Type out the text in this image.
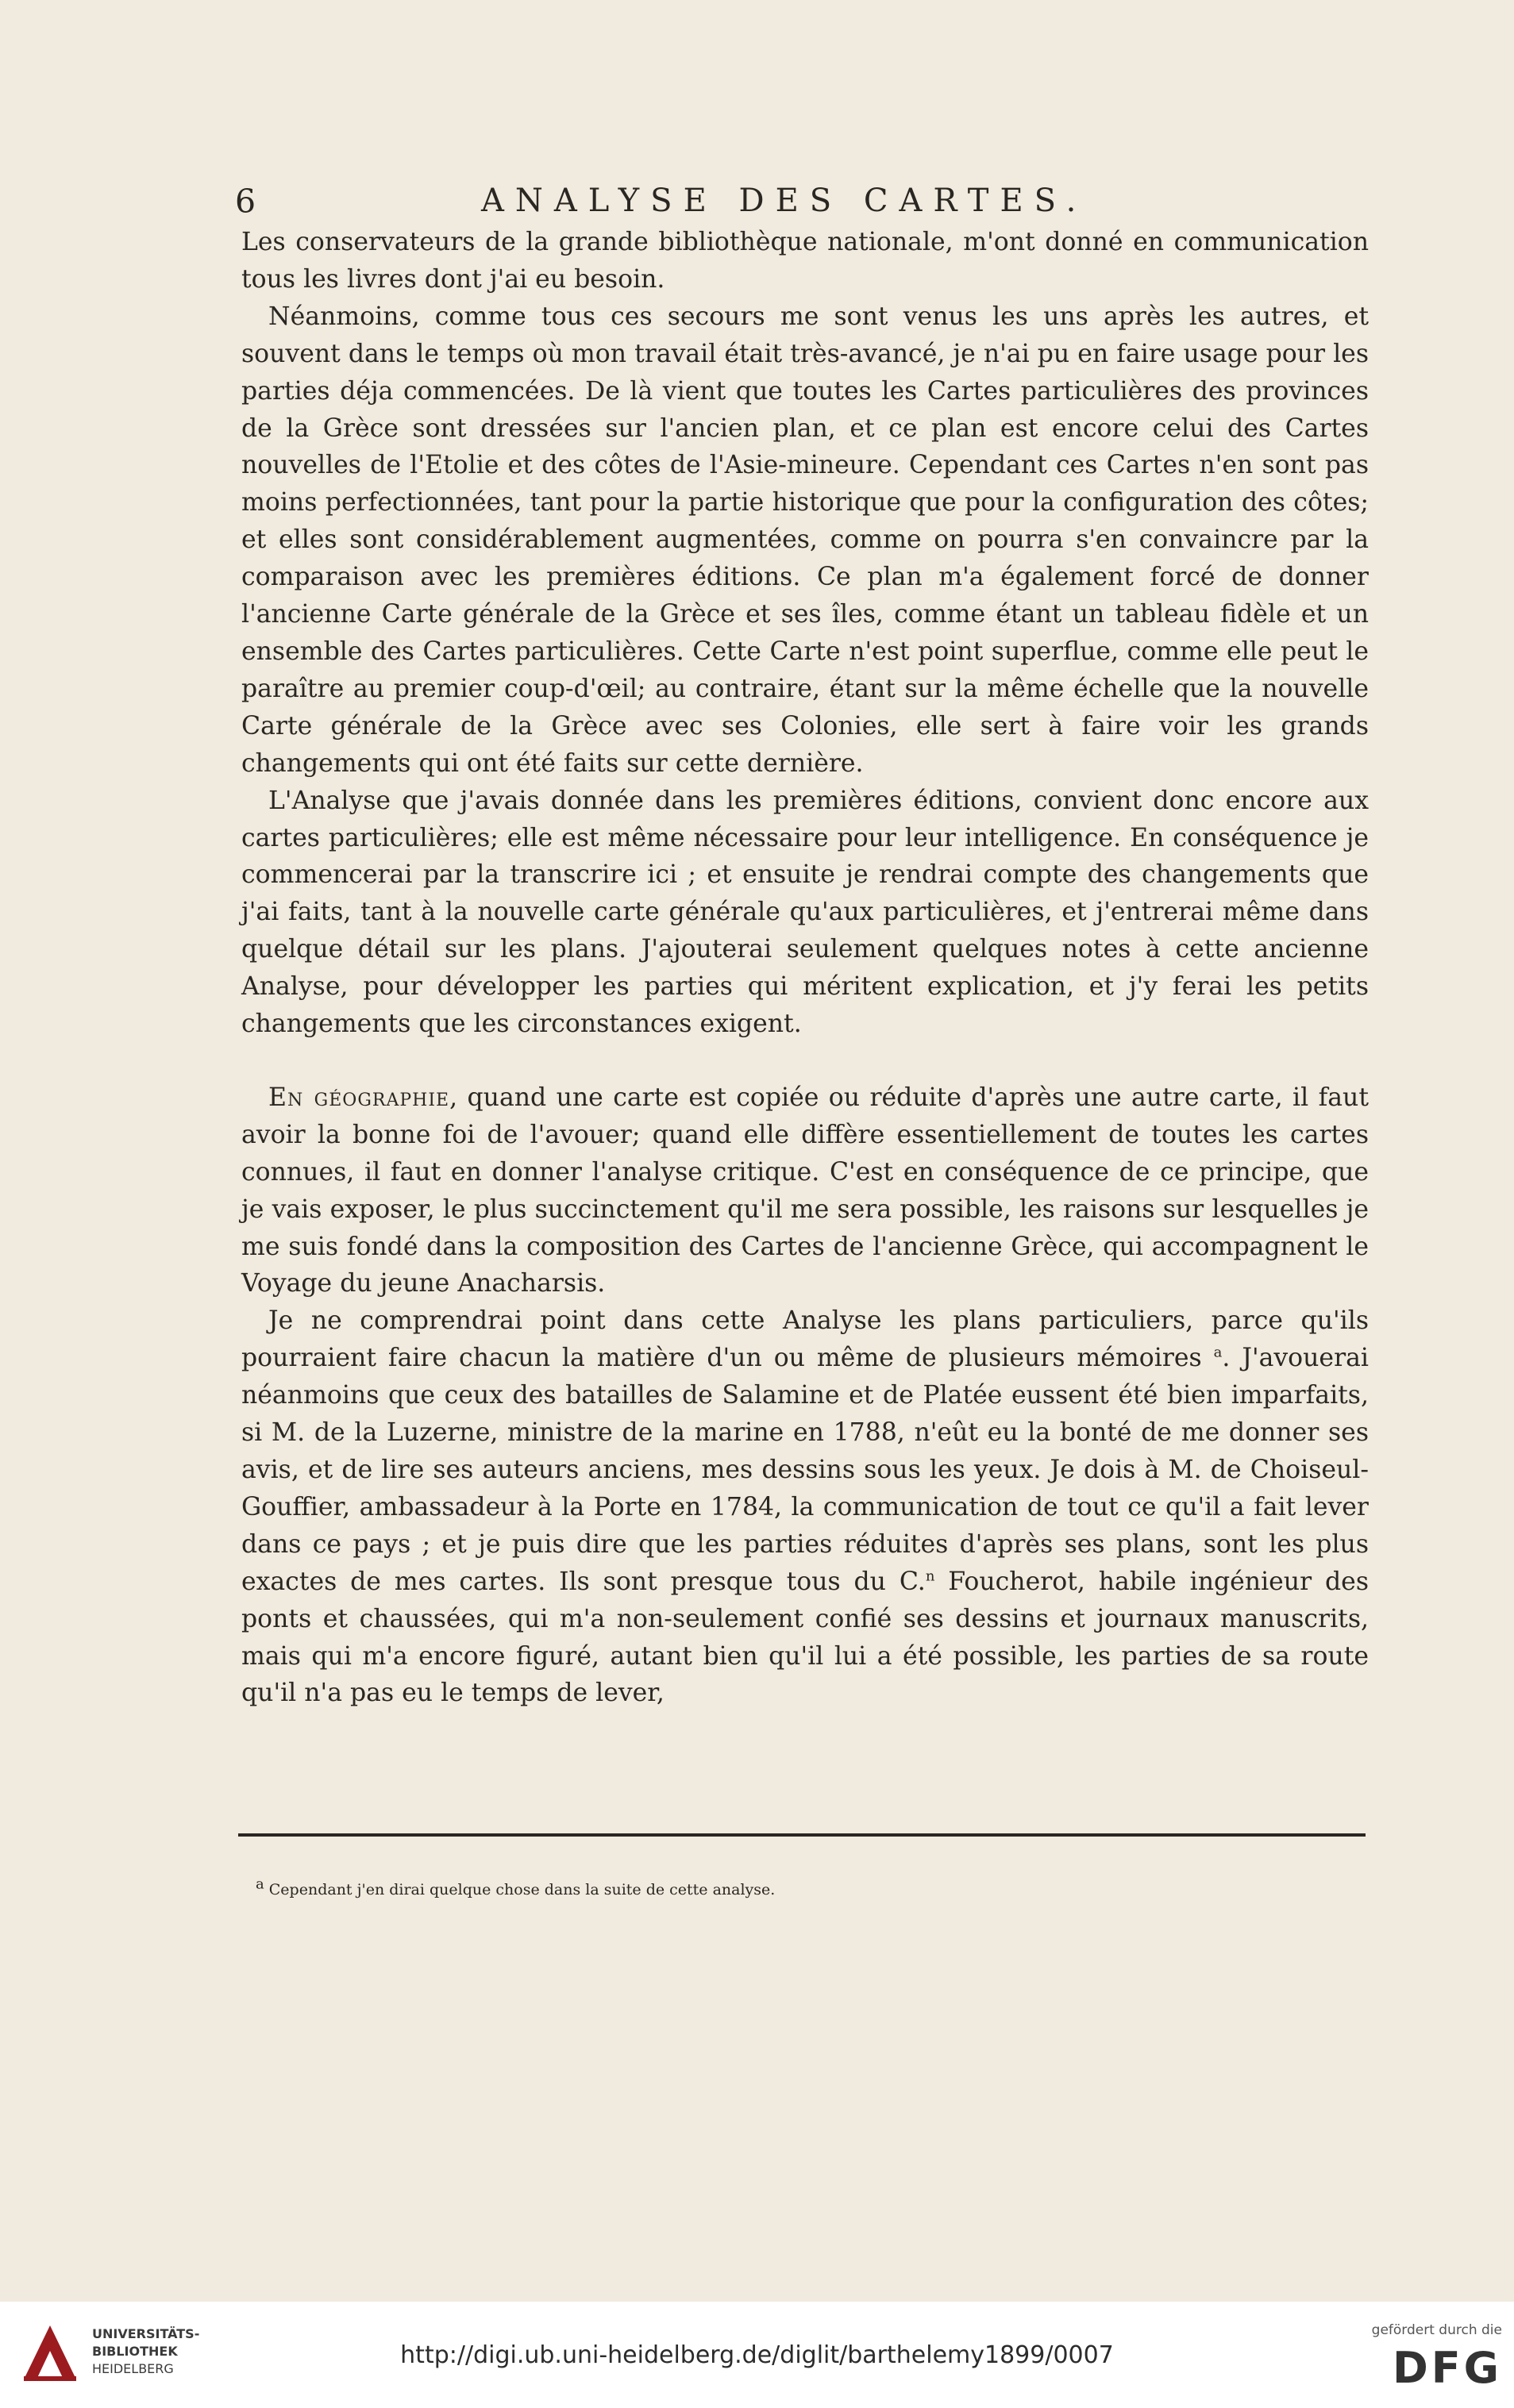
6	ANALYSE DES CARTES.

Les conservateurs de la grande bibliothèque nationale, m'ont donné en communication tous les livres dont j'ai eu besoin.

Néanmoins, comme tous ces secours me sont venus les uns après les autres, et souvent dans le temps où mon travail était très-avancé, je n'ai pu en faire usage pour les parties déja commencées. De là vient que toutes les Cartes particulières des provinces de la Grèce sont dressées sur l'ancien plan, et ce plan est encore celui des Cartes nouvelles de l'Etolie et des côtes de l'Asie-mineure. Cependant ces Cartes n'en sont pas moins perfectionnées, tant pour la partie historique que pour la configuration des côtes; et elles sont considérablement augmentées, comme on pourra s'en convaincre par la comparaison avec les premières éditions. Ce plan m'a également forcé de donner l'ancienne Carte générale de la Grèce et ses îles, comme étant un tableau fidèle et un ensemble des Cartes particulières. Cette Carte n'est point superflue, comme elle peut le paraître au premier coup-d'œil; au contraire, étant sur la même échelle que la nouvelle Carte générale de la Grèce avec ses Colonies, elle sert à faire voir les grands changements qui ont été faits sur cette dernière.

L'Analyse que j'avais donnée dans les premières éditions, convient donc encore aux cartes particulières; elle est même nécessaire pour leur intelligence. En conséquence je commencerai par la transcrire ici ; et ensuite je rendrai compte des changements que j'ai faits, tant à la nouvelle carte générale qu'aux particulières, et j'entrerai même dans quelque détail sur les plans. J'ajouterai seulement quelques notes à cette ancienne Analyse, pour développer les parties qui méritent explication, et j'y ferai les petits changements que les circonstances exigent.

En géographie, quand une carte est copiée ou réduite d'après une autre carte, il faut avoir la bonne foi de l'avouer; quand elle diffère essentiellement de toutes les cartes connues, il faut en donner l'analyse critique. C'est en conséquence de ce principe, que je vais exposer, le plus succinctement qu'il me sera possible, les raisons sur lesquelles je me suis fondé dans la composition des Cartes de l'ancienne Grèce, qui accompagnent le Voyage du jeune Anacharsis.

Je ne comprendrai point dans cette Analyse les plans particuliers, parce qu'ils pourraient faire chacun la matière d'un ou même de plusieurs mémoires $^a$. J'avouerai néanmoins que ceux des batailles de Salamine et de Platée eussent été bien imparfaits, si M. de la Luzerne, ministre de la marine en 1788, n'eût eu la bonté de me donner ses avis, et de lire ses auteurs anciens, mes dessins sous les yeux. Je dois à M. de Choiseul-Gouffier, ambassadeur à la Porte en 1784, la communication de tout ce qu'il a fait lever dans ce pays ; et je puis dire que les parties réduites d'après ses plans, sont les plus exactes de mes cartes. Ils sont presque tous du C.$^n$ Foucherot, habile ingénieur des ponts et chaussées, qui m'a non-seulement confié ses dessins et journaux manuscrits, mais qui m'a encore figuré, autant bien qu'il lui a été possible, les parties de sa route qu'il n'a pas eu le temps de lever,

$^a$ Cependant j'en dirai quelque chose dans la suite de cette analyse.
UNIVERSITÄTS-
BIBLIOTHEK
HEIDELBERG	http://digi.ub.uni-heidelberg.de/diglit/barthelemy1899/0007
gefördert durch die
DFG
